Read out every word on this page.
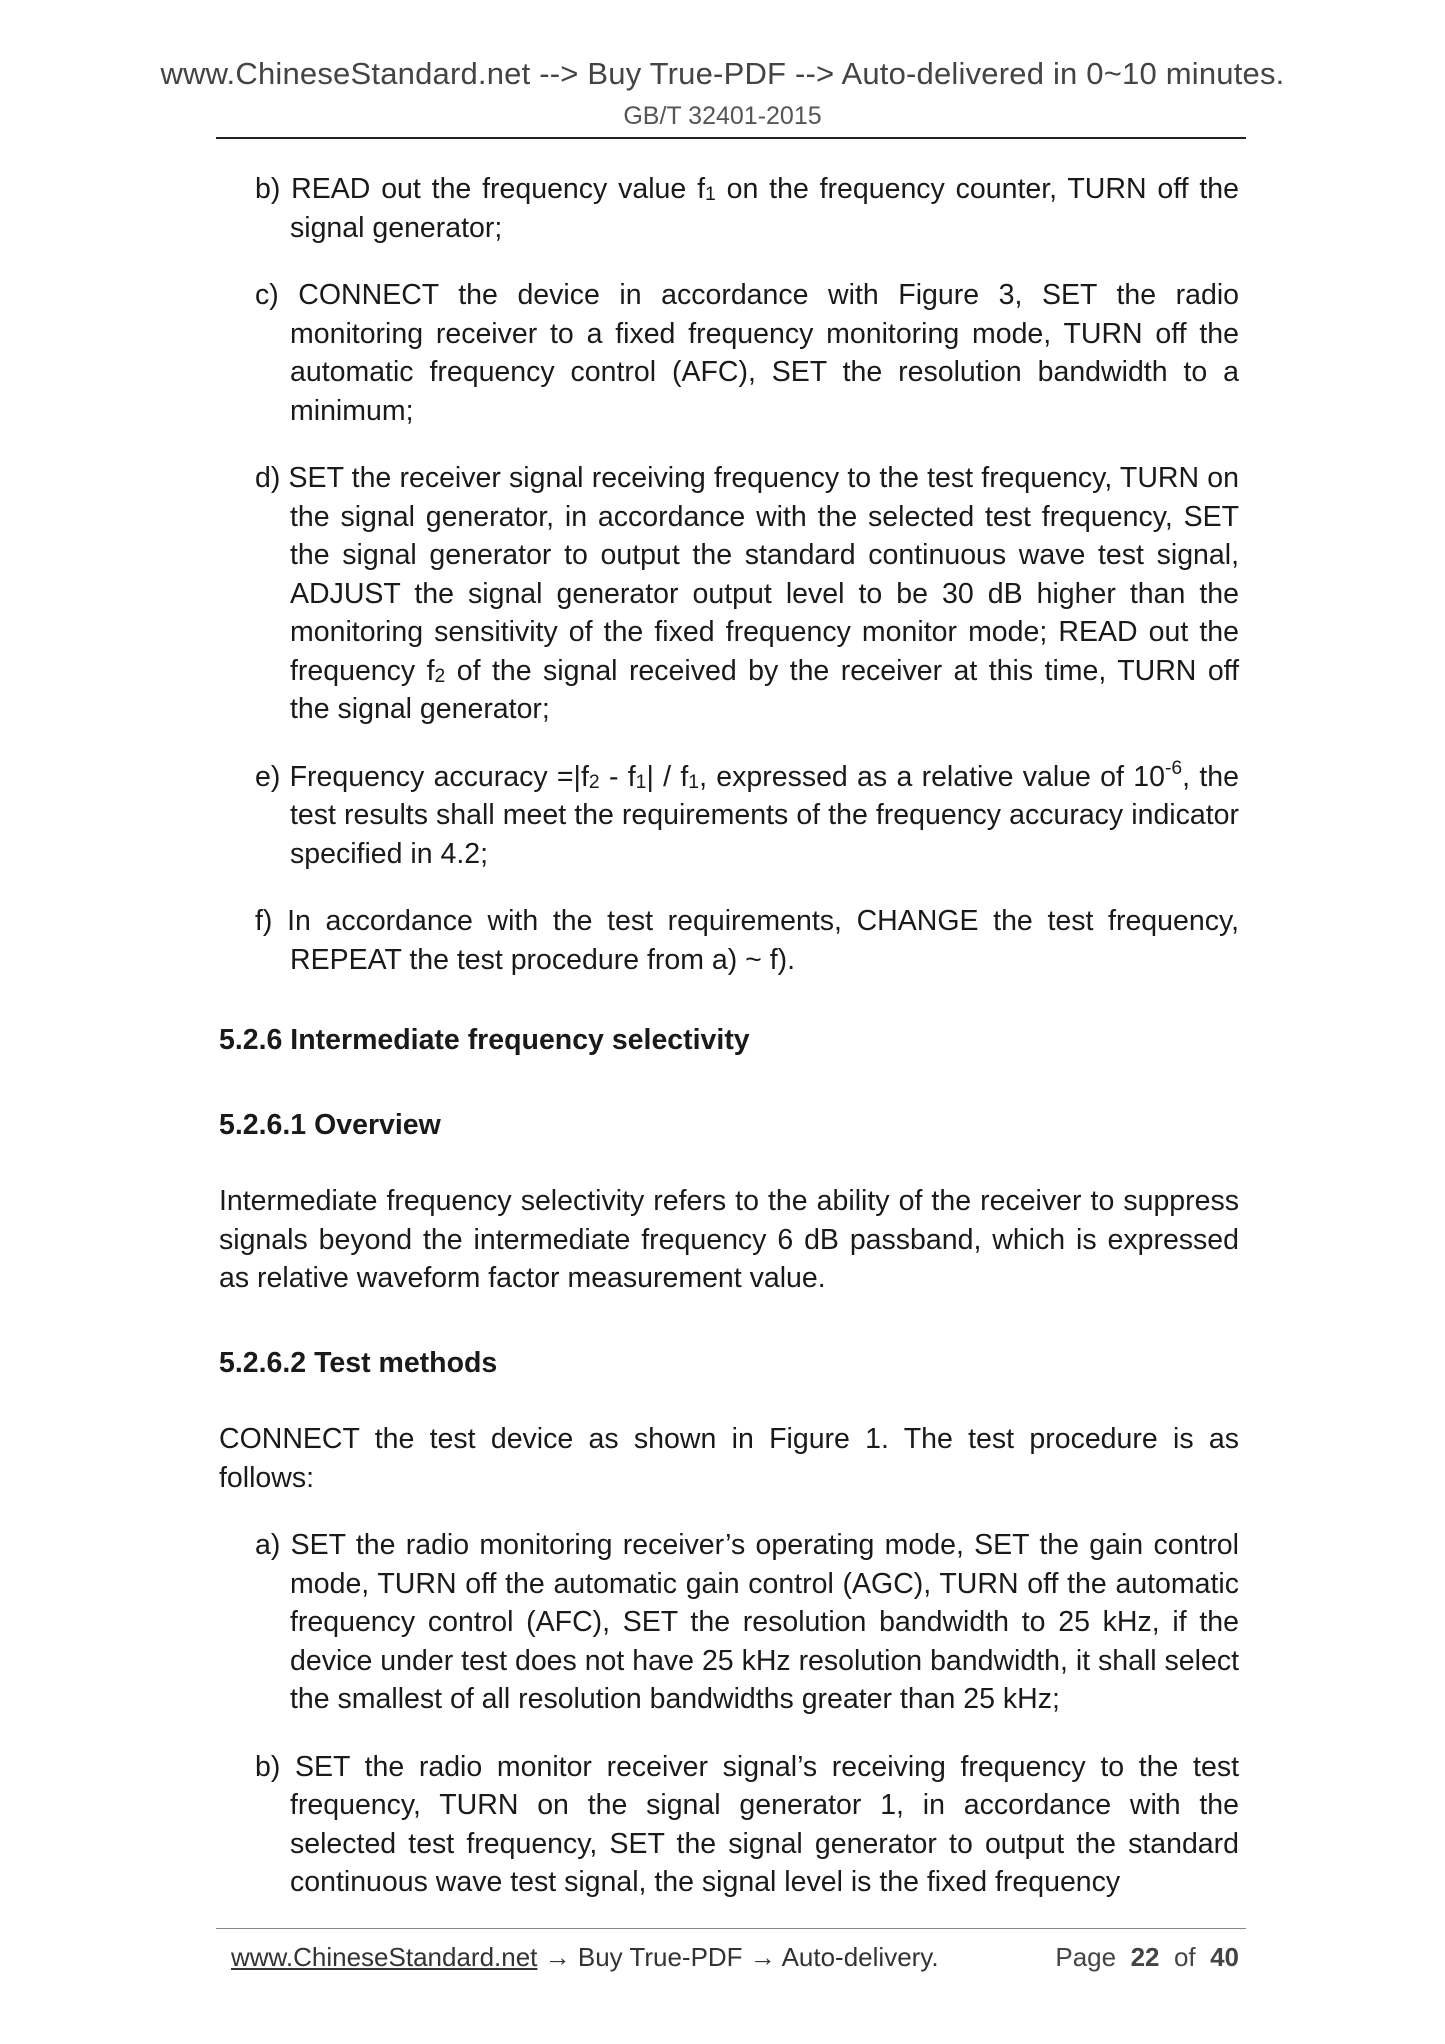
www.ChineseStandard.net --> Buy True-PDF --> Auto-delivered in 0~10 minutes.
GB/T 32401-2015
b) READ out the frequency value $f_1$ on the frequency counter, TURN off the signal generator;
c) CONNECT the device in accordance with Figure 3, SET the radio monitoring receiver to a fixed frequency monitoring mode, TURN off the automatic frequency control (AFC), SET the resolution bandwidth to a minimum;
d) SET the receiver signal receiving frequency to the test frequency, TURN on the signal generator, in accordance with the selected test frequency, SET the signal generator to output the standard continuous wave test signal, ADJUST the signal generator output level to be 30 dB higher than the monitoring sensitivity of the fixed frequency monitor mode; READ out the frequency $f_2$ of the signal received by the receiver at this time, TURN off the signal generator;
e) Frequency accuracy $=|f_2 - f_1| / f_1$, expressed as a relative value of $10^{-6}$, the test results shall meet the requirements of the frequency accuracy indicator specified in 4.2;
f) In accordance with the test requirements, CHANGE the test frequency, REPEAT the test procedure from a) ~ f).
5.2.6 Intermediate frequency selectivity
5.2.6.1 Overview
Intermediate frequency selectivity refers to the ability of the receiver to suppress signals beyond the intermediate frequency 6 dB passband, which is expressed as relative waveform factor measurement value.
5.2.6.2 Test methods
CONNECT the test device as shown in Figure 1. The test procedure is as follows:
a) SET the radio monitoring receiver’s operating mode, SET the gain control mode, TURN off the automatic gain control (AGC), TURN off the automatic frequency control (AFC), SET the resolution bandwidth to 25 kHz, if the device under test does not have 25 kHz resolution bandwidth, it shall select the smallest of all resolution bandwidths greater than 25 kHz;
b) SET the radio monitor receiver signal’s receiving frequency to the test frequency, TURN on the signal generator 1, in accordance with the selected test frequency, SET the signal generator to output the standard continuous wave test signal, the signal level is the fixed frequency
www.ChineseStandard.net → Buy True-PDF → Auto-delivery.	Page 22 of 40
